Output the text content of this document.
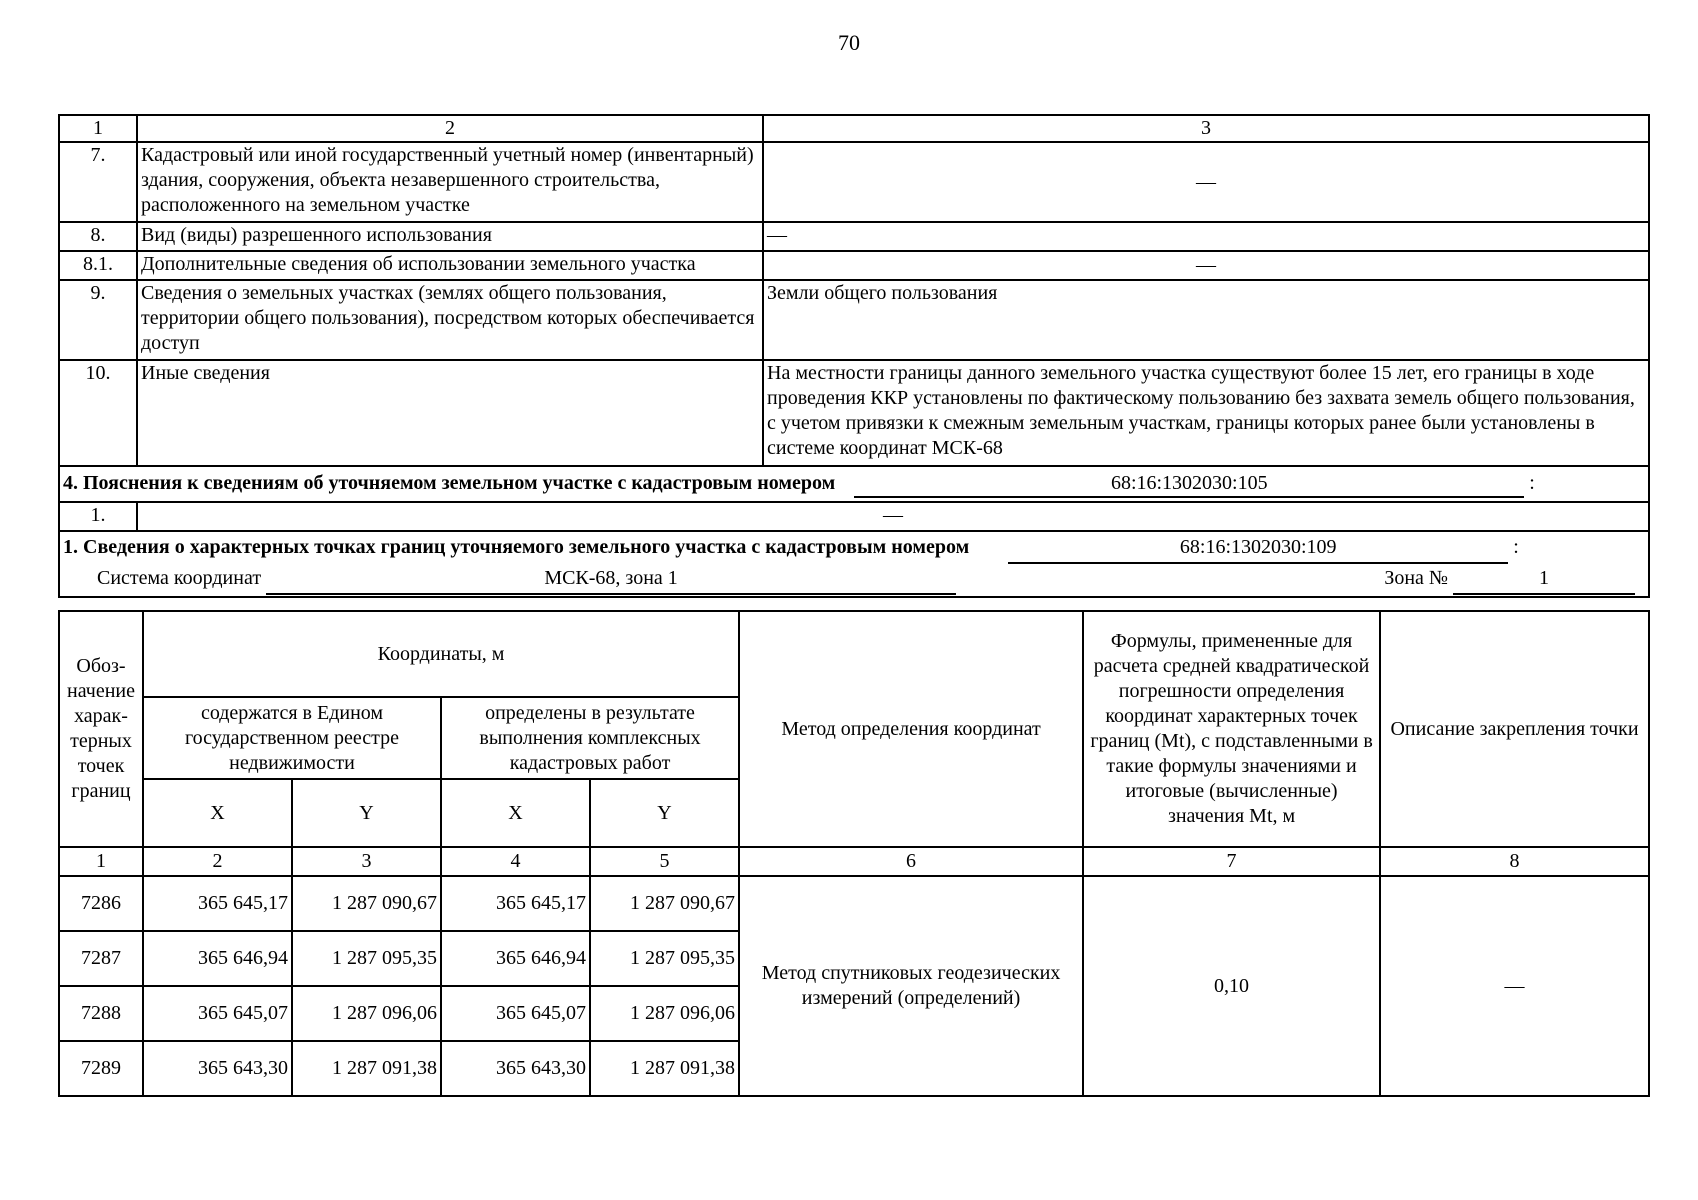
70
1	2	3
7.	Кадастровый или иной государственный учетный номер (инвентарный) здания, сооружения, объекта незавершенного строительства, расположенного на земельном участке	—
8.	Вид (виды) разрешенного использования	—
8.1.	Дополнительные сведения об использовании земельного участка	—
9.	Сведения о земельных участках (землях общего пользования, территории общего пользования), посредством которых обеспечивается доступ	Земли общего пользования
10.	Иные сведения	На местности границы данного земельного участка существуют более 15 лет, его границы в ходе проведения ККР установлены по фактическому пользованию без захвата земель общего пользования, с учетом привязки к смежным земельным участкам, границы которых ранее были установлены в системе координат МСК-68
4. Пояснения к сведениям об уточняемом земельном участке с кадастровым номером 68:16:1302030:105 :		
1.	—	

1. Сведения о характерных точках границ уточняемого земельного участка с кадастровым номером 68:16:1302030:109 :
Система координат МСК-68, зона 1 Зона № 1		
Обоз-начение харак-терных точек границ	Координаты, м				Метод определения координат	Формулы, примененные для расчета средней квадратической погрешности определения координат характерных точек границ (Mt), с подставленными в такие формулы значениями и итоговые (вычисленные) значения Mt, м	Описание закрепления точки
	содержатся в Едином государственном реестре недвижимости		определены в результате выполнения комплексных кадастровых работ				
	X	Y	X	Y			
1	2	3	4	5	6	7	8
7286	365 645,17	1 287 090,67	365 645,17	1 287 090,67	Метод спутниковых геодезических измерений (определений)	0,10	—
7287	365 646,94	1 287 095,35	365 646,94	1 287 095,35			
7288	365 645,07	1 287 096,06	365 645,07	1 287 096,06			
7289	365 643,30	1 287 091,38	365 643,30	1 287 091,38			
